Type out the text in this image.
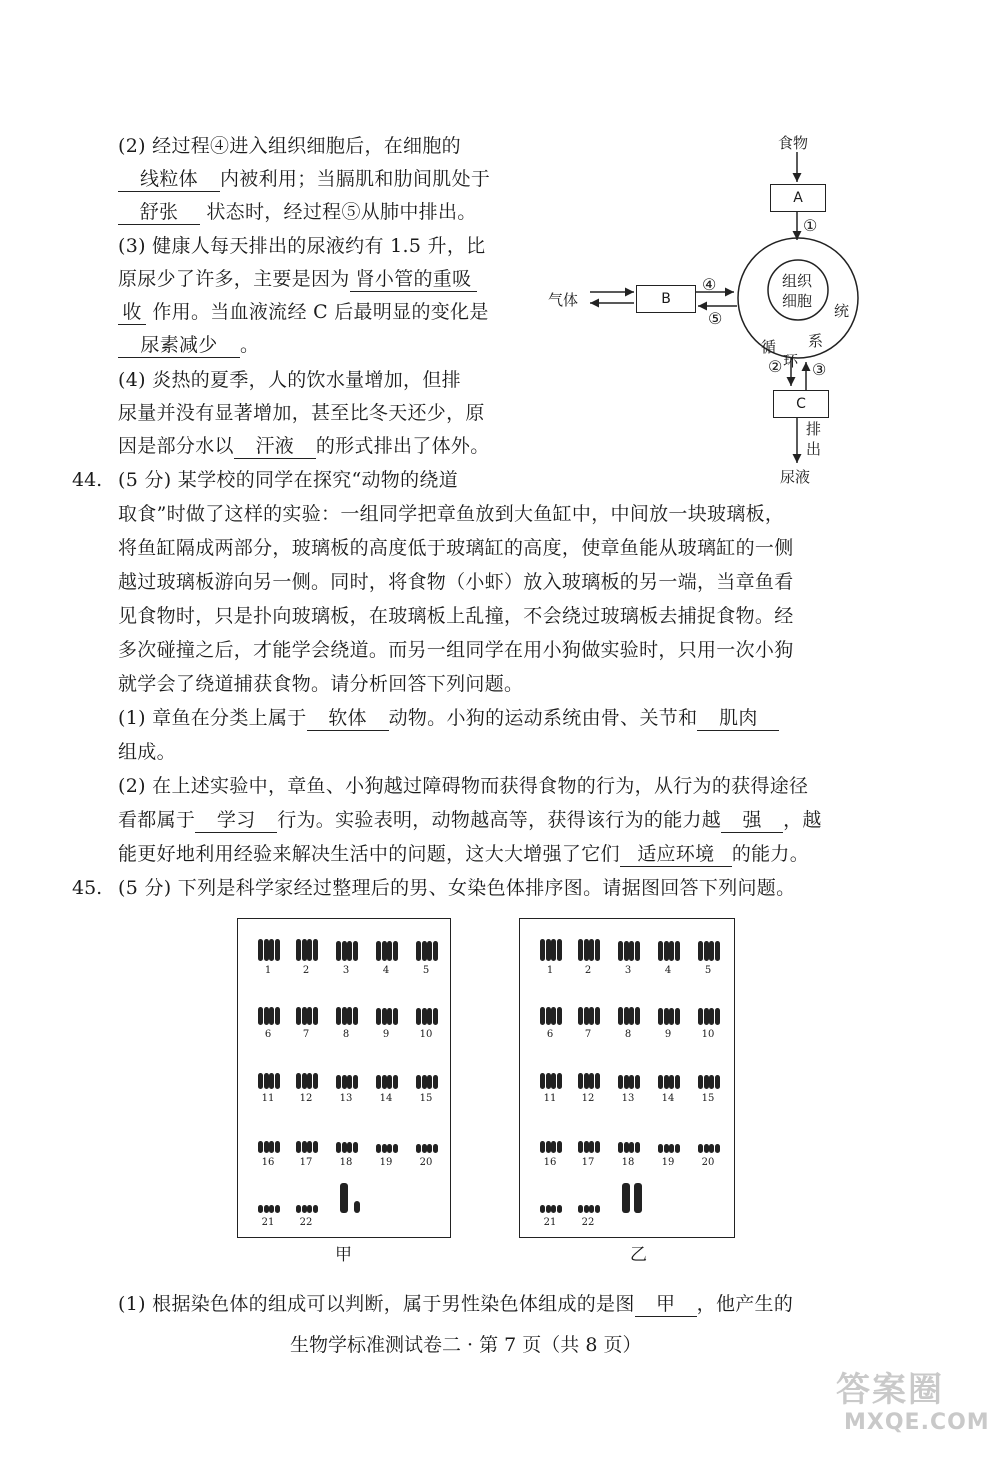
(2) 经过程④进入组织细胞后，在细胞的
线粒体 内被利用；当膈肌和肋间肌处于
舒张 状态时，经过程⑤从肺中排出。
(3) 健康人每天排出的尿液约有 1.5 升，比
原尿少了许多，主要是因为 肾小管的重吸
收 作用。当血液流经 C 后最明显的变化是
尿素减少 。
(4) 炎热的夏季，人的饮水量增加，但排
尿量并没有显著增加，甚至比冬天还少，原
因是部分水以 汗液 的形式排出了体外。
食物
A
①
气体	B
④
⑤
组织
细胞
循
环
系
统
② ③
C
排
出
尿液
44. (5 分) 某学校的同学在探究“动物的绕道
取食”时做了这样的实验：一组同学把章鱼放到大鱼缸中，中间放一块玻璃板，
将鱼缸隔成两部分，玻璃板的高度低于玻璃缸的高度，使章鱼能从玻璃缸的一侧
越过玻璃板游向另一侧。同时，将食物（小虾）放入玻璃板的另一端，当章鱼看
见食物时，只是扑向玻璃板，在玻璃板上乱撞，不会绕过玻璃板去捕捉食物。经
多次碰撞之后，才能学会绕道。而另一组同学在用小狗做实验时，只用一次小狗
就学会了绕道捕获食物。请分析回答下列问题。
(1) 章鱼在分类上属于 软体 动物。小狗的运动系统由骨、关节和 肌肉
组成。
(2) 在上述实验中，章鱼、小狗越过障碍物而获得食物的行为，从行为的获得途径
看都属于 学习 行为。实验表明，动物越高等，获得该行为的能力越 强 ，越
能更好地利用经验来解决生活中的问题，这大大增强了它们 适应环境 的能力。
45. (5 分) 下列是科学家经过整理后的男、女染色体排序图。请据图回答下列问题。
1	2	3	4	5
6	7	8	9	10
11	12	13	14	15
16	17	18	19	20
21	22
甲
1	2	3	4	5
6	7	8	9	10
11	12	13	14	15
16	17	18	19	20
21	22
乙
(1) 根据染色体的组成可以判断，属于男性染色体组成的是图 甲 ，他产生的
生物学标准测试卷二 · 第 7 页（共 8 页）
答案圈
MXQE.COM
